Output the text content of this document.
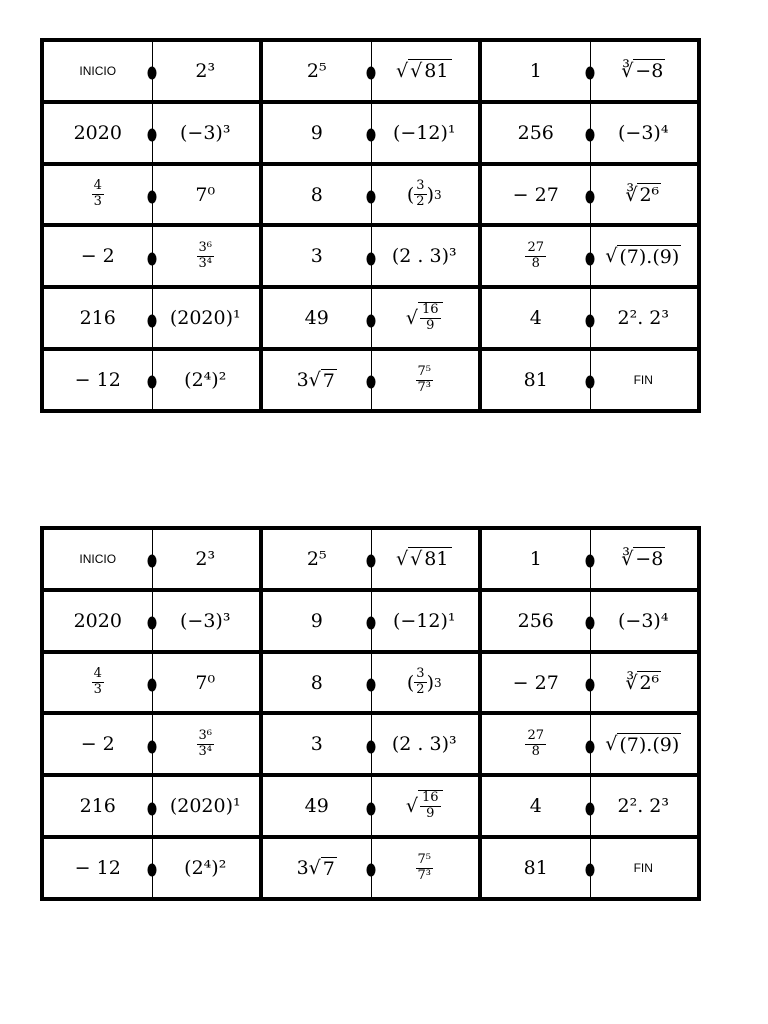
INICIO	2³	2⁵	√ √ 81	1	∛ −8
2020	(−3)³	9	(−12)¹	256	(−3)⁴
$\frac{4}{3}$	7⁰	8	( $\frac{3}{2}$ ) 3	− 27	∛ 2⁶
− 2	$\frac{\text{3⁶}}{\text{3⁴}}$	3	(2 . 3)³	$\frac{27}{8}$	√ (7).(9)
216	(2020)¹	49	√ $\frac{16}{9}$	4	2². 2³
− 12	(2⁴)²	3√ 7	$\frac{\text{7⁵}}{\text{7³}}$	81	FIN
INICIO	2³	2⁵	√ √ 81	1	∛ −8
2020	(−3)³	9	(−12)¹	256	(−3)⁴
$\frac{4}{3}$	7⁰	8	( $\frac{3}{2}$ ) 3	− 27	∛ 2⁶
− 2	$\frac{\text{3⁶}}{\text{3⁴}}$	3	(2 . 3)³	$\frac{27}{8}$	√ (7).(9)
216	(2020)¹	49	√ $\frac{16}{9}$	4	2². 2³
− 12	(2⁴)²	3√ 7	$\frac{\text{7⁵}}{\text{7³}}$	81	FIN
